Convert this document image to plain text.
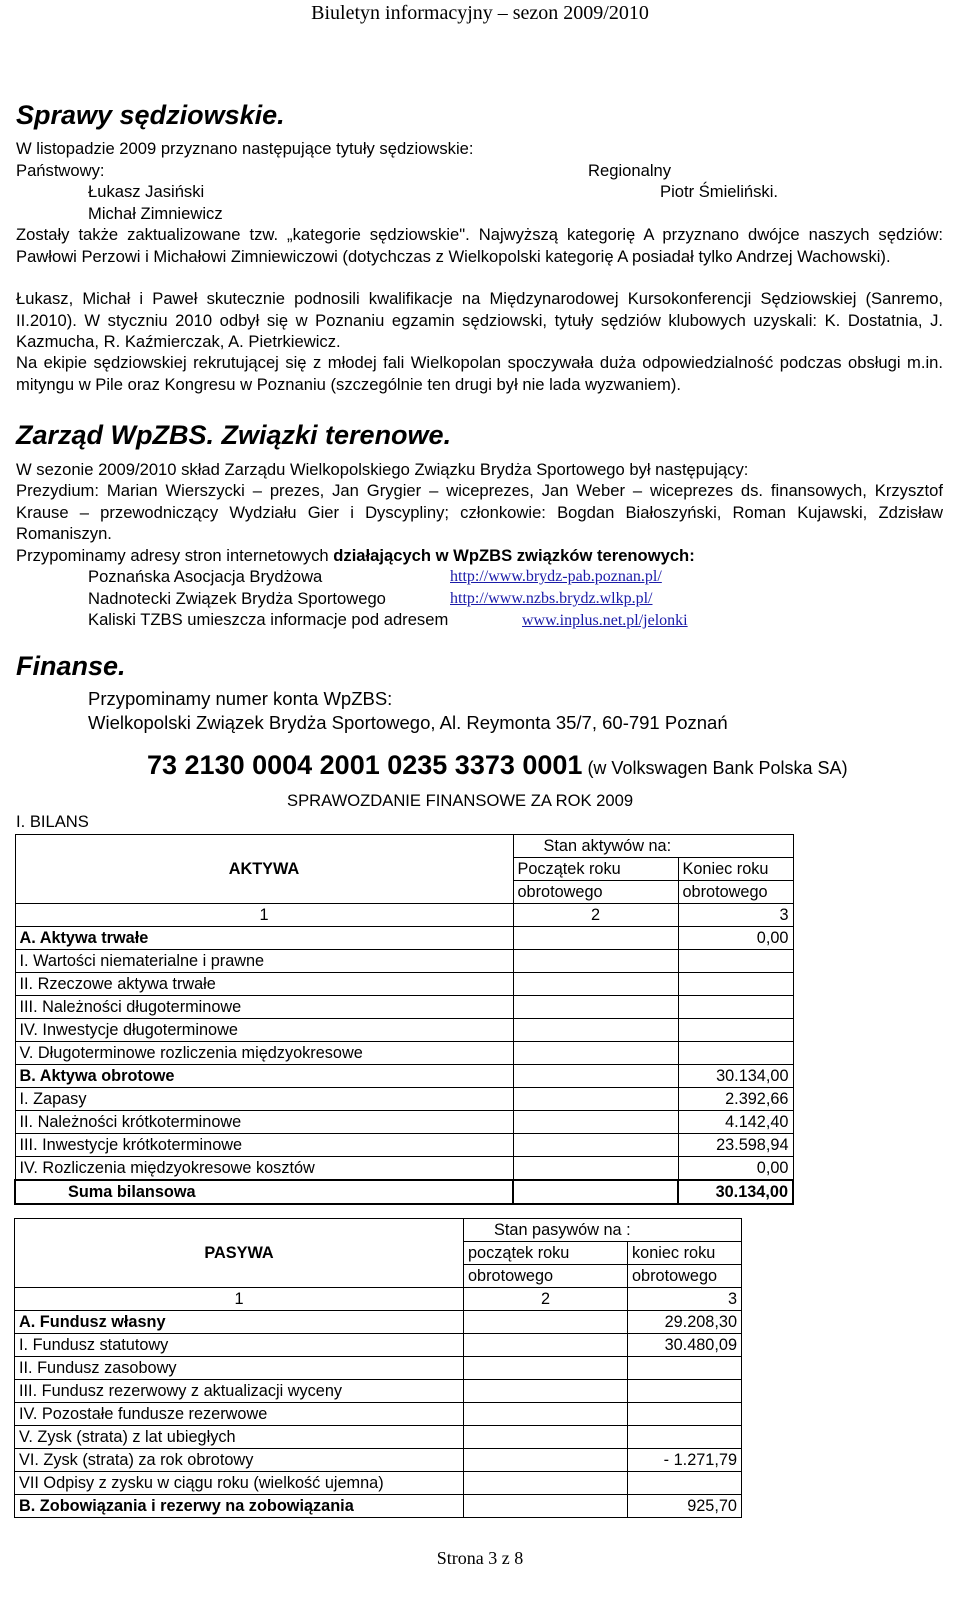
Biuletyn informacyjny – sezon 2009/2010
Sprawy sędziowskie.
W listopadzie 2009 przyznano następujące tytuły sędziowskie:
Państwowy:	Regionalny
Łukasz Jasiński	Piotr Śmieliński.
Michał Zimniewicz
Zostały także zaktualizowane tzw. „kategorie sędziowskie". Najwyższą kategorię A przyznano dwójce naszych sędziów: Pawłowi Perzowi i Michałowi Zimniewiczowi (dotychczas z Wielkopolski kategorię A posiadał tylko Andrzej Wachowski).
Łukasz, Michał i Paweł skutecznie podnosili kwalifikacje na Międzynarodowej Kursokonferencji Sędziowskiej (Sanremo, II.2010). W styczniu 2010 odbył się w Poznaniu egzamin sędziowski, tytuły sędziów klubowych uzyskali: K. Dostatnia, J. Kazmucha, R. Kaźmierczak, A. Pietrkiewicz.
Na ekipie sędziowskiej rekrutującej się z młodej fali Wielkopolan spoczywała duża odpowiedzialność podczas obsługi m.in. mityngu w Pile oraz Kongresu w Poznaniu (szczególnie ten drugi był nie lada wyzwaniem).
Zarząd WpZBS. Związki terenowe.
W sezonie 2009/2010 skład Zarządu Wielkopolskiego Związku Brydża Sportowego był następujący:
Prezydium: Marian Wierszycki – prezes, Jan Grygier – wiceprezes, Jan Weber – wiceprezes ds. finansowych, Krzysztof Krause – przewodniczący Wydziału Gier i Dyscypliny; członkowie: Bogdan Białoszyński, Roman Kujawski, Zdzisław Romaniszyn.
Przypominamy adresy stron internetowych działających w WpZBS związków terenowych:
Poznańska Asocjacja Brydżowa	http://www.brydz-pab.poznan.pl/
Nadnotecki Związek Brydża Sportowego	http://www.nzbs.brydz.wlkp.pl/
Kaliski TZBS umieszcza informacje pod adresem	www.inplus.net.pl/jelonki
Finanse.
Przypominamy numer konta WpZBS:
Wielkopolski Związek Brydża Sportowego, Al. Reymonta 35/7, 60-791 Poznań
73 2130 0004 2001 0235 3373 0001 (w Volkswagen Bank Polska SA)
I. BILANS
SPRAWOZDANIE FINANSOWE ZA ROK 2009
AKTYWA	Stan aktywów na:	
	Początek roku	Koniec roku
	obrotowego	obrotowego
1	2	3
A. Aktywa trwałe		0,00
I. Wartości niematerialne i prawne		
II. Rzeczowe aktywa trwałe		
III. Należności długoterminowe		
IV. Inwestycje długoterminowe		
V. Długoterminowe rozliczenia międzyokresowe		
B. Aktywa obrotowe		30.134,00
I. Zapasy		2.392,66
II. Należności krótkoterminowe		4.142,40
III. Inwestycje krótkoterminowe		23.598,94
IV. Rozliczenia międzyokresowe kosztów		0,00
Suma bilansowa		30.134,00
PASYWA	Stan pasywów na :	
	początek roku	koniec roku
	obrotowego	obrotowego
1	2	3
A. Fundusz własny		29.208,30
I. Fundusz statutowy		30.480,09
II. Fundusz zasobowy		
III. Fundusz rezerwowy z aktualizacji wyceny		
IV. Pozostałe fundusze rezerwowe		
V. Zysk (strata) z lat ubiegłych		
VI. Zysk (strata) za rok obrotowy		- 1.271,79
VII Odpisy z zysku w ciągu roku (wielkość ujemna)		
B. Zobowiązania i rezerwy na zobowiązania		925,70
Strona 3 z 8
